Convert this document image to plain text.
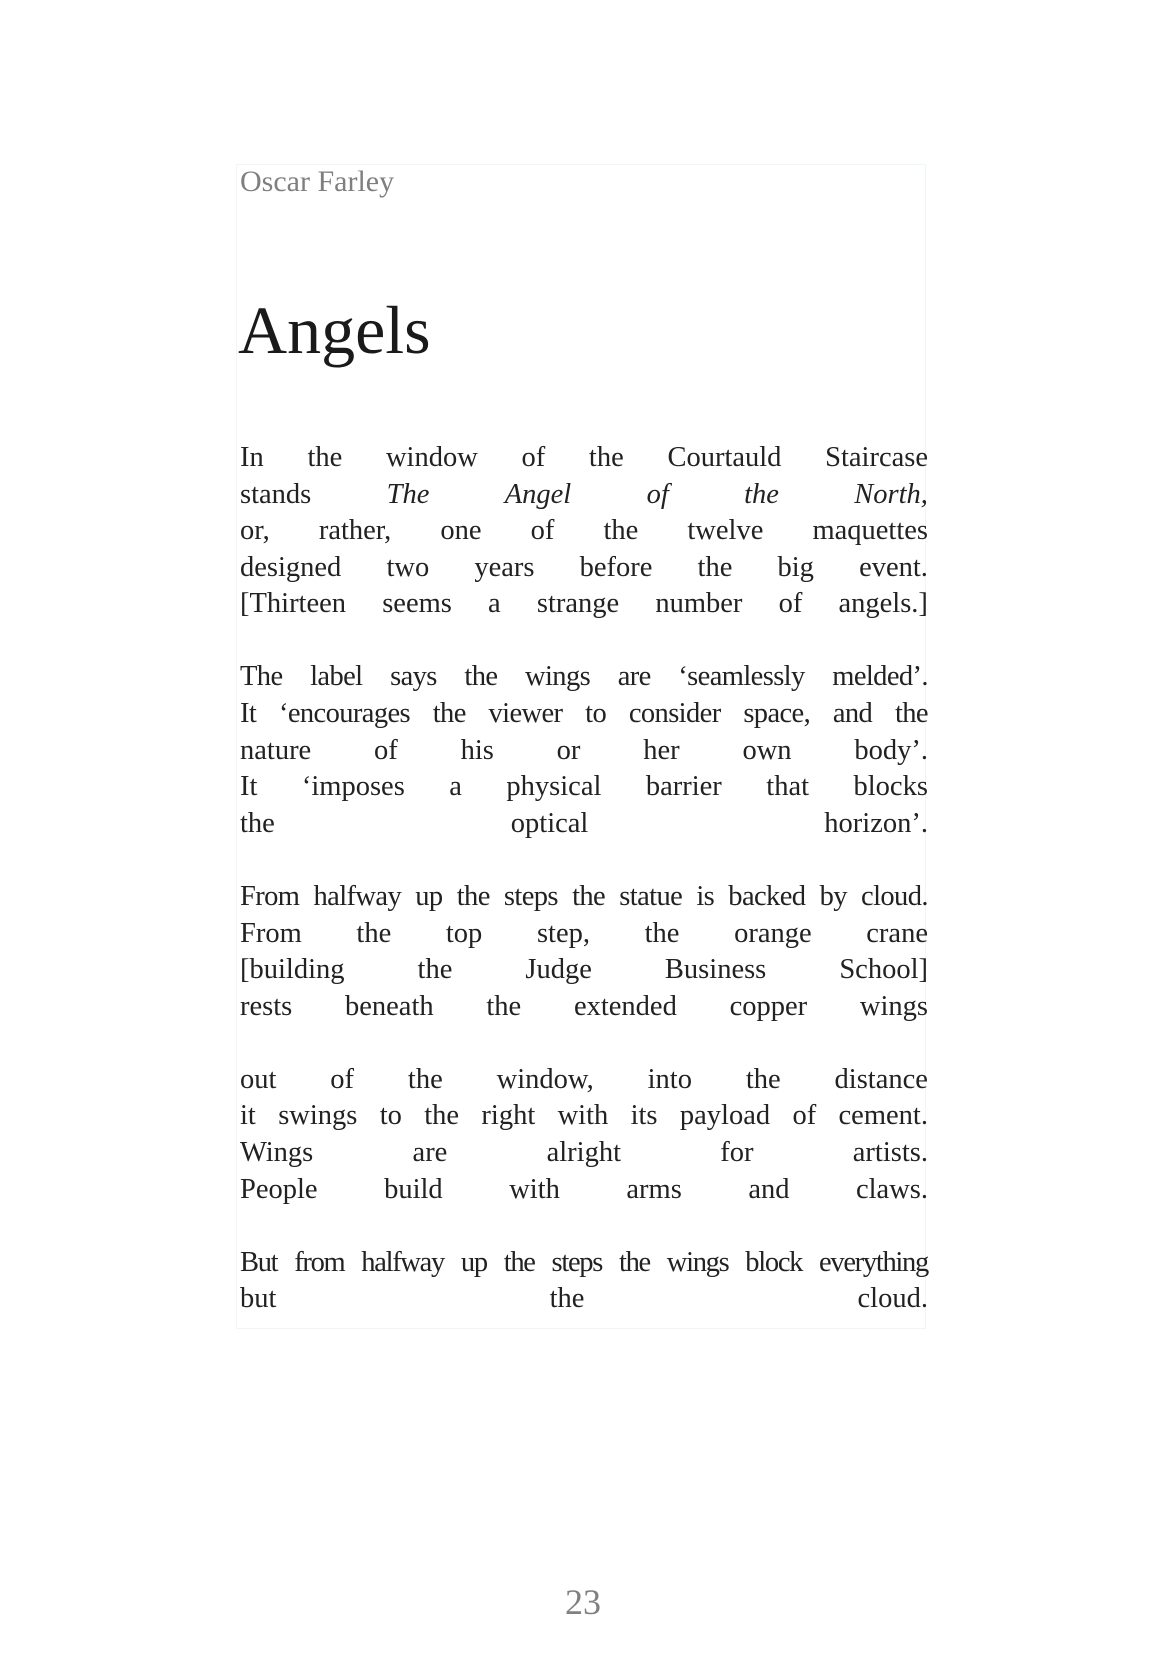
Oscar Farley
Angels
In the window of the Courtauld Staircase
stands	The	Angel	of	the	North,
or, rather, one of the twelve maquettes
designed two years before the big event.
[Thirteen seems a strange number of angels.]
The label says the wings are ‘seamlessly melded’.
It ‘encourages the viewer to consider space, and the
nature of his or her own body’.
It ‘imposes a physical barrier that blocks
the	optical	horizon’.
From halfway up the steps the statue is backed by cloud.
From the top step, the orange crane
[building	the	Judge	Business	School]
rests beneath the extended copper wings
out of the window, into the distance
it swings to the right with its payload of cement.
Wings	are	alright	for	artists.
People build with arms and claws.
But from halfway up the steps the wings block everything
but	the	cloud.
23
